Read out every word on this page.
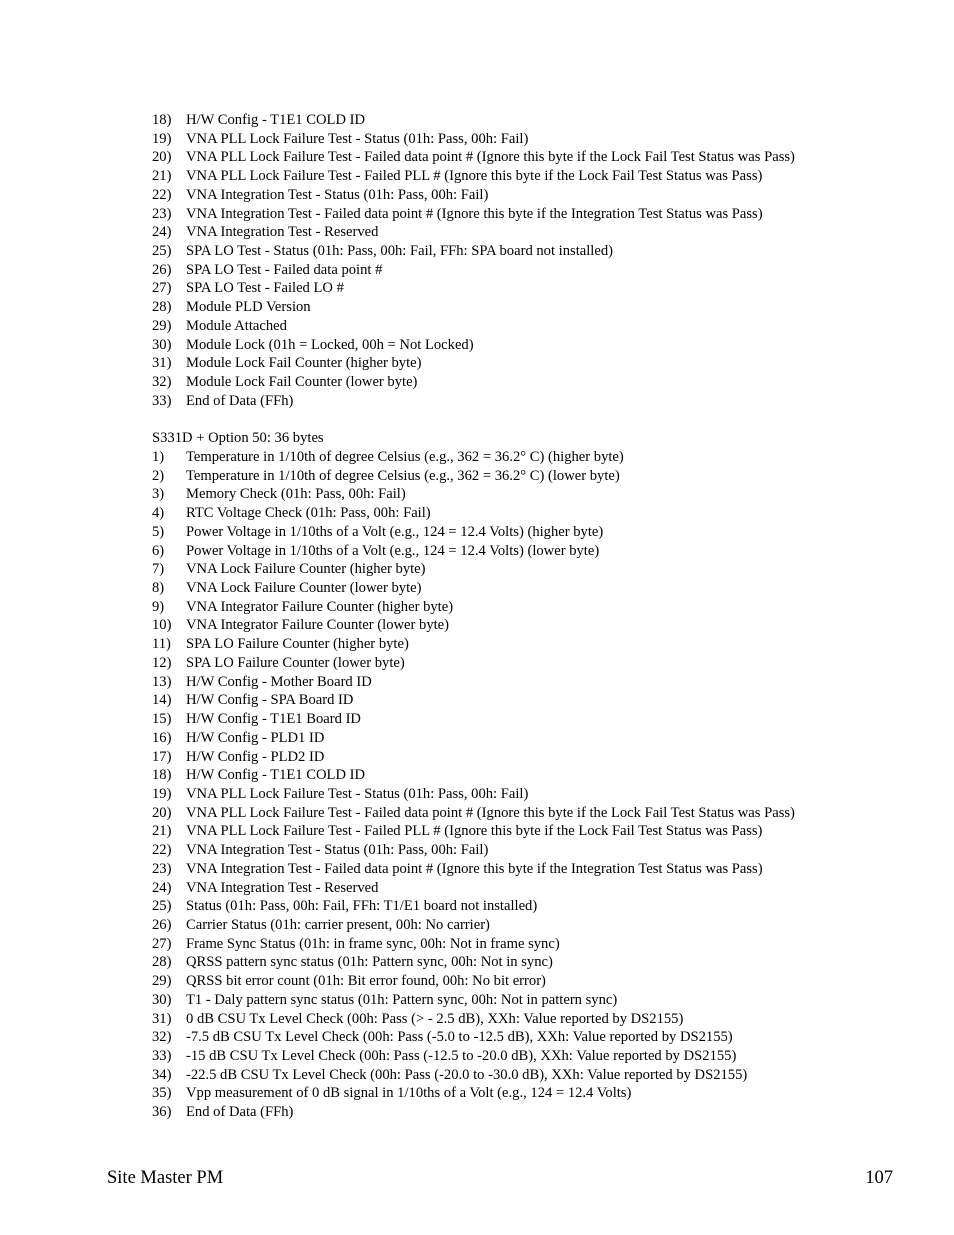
18) H/W Config - T1E1 COLD ID
19) VNA PLL Lock Failure Test - Status (01h: Pass, 00h: Fail)
20) VNA PLL Lock Failure Test - Failed data point # (Ignore this byte if the Lock Fail Test Status was Pass)
21) VNA PLL Lock Failure Test - Failed PLL # (Ignore this byte if the Lock Fail Test Status was Pass)
22) VNA Integration Test - Status (01h: Pass, 00h: Fail)
23) VNA Integration Test - Failed data point # (Ignore this byte if the Integration Test Status was Pass)
24) VNA Integration Test - Reserved
25) SPA LO Test - Status (01h: Pass, 00h: Fail, FFh: SPA board not installed)
26) SPA LO Test - Failed data point #
27) SPA LO Test - Failed LO #
28) Module PLD Version
29) Module Attached
30) Module Lock (01h = Locked, 00h = Not Locked)
31) Module Lock Fail Counter (higher byte)
32) Module Lock Fail Counter (lower byte)
33) End of Data (FFh)
S331D + Option 50: 36 bytes
1) Temperature in 1/10th of degree Celsius (e.g., 362 = 36.2° C) (higher byte)
2) Temperature in 1/10th of degree Celsius (e.g., 362 = 36.2° C) (lower byte)
3) Memory Check (01h: Pass, 00h: Fail)
4) RTC Voltage Check (01h: Pass, 00h: Fail)
5) Power Voltage in 1/10ths of a Volt (e.g., 124 = 12.4 Volts) (higher byte)
6) Power Voltage in 1/10ths of a Volt (e.g., 124 = 12.4 Volts) (lower byte)
7) VNA Lock Failure Counter (higher byte)
8) VNA Lock Failure Counter (lower byte)
9) VNA Integrator Failure Counter (higher byte)
10) VNA Integrator Failure Counter (lower byte)
11) SPA LO Failure Counter (higher byte)
12) SPA LO Failure Counter (lower byte)
13) H/W Config - Mother Board ID
14) H/W Config - SPA Board ID
15) H/W Config - T1E1 Board ID
16) H/W Config - PLD1 ID
17) H/W Config - PLD2 ID
18) H/W Config - T1E1 COLD ID
19) VNA PLL Lock Failure Test - Status (01h: Pass, 00h: Fail)
20) VNA PLL Lock Failure Test - Failed data point # (Ignore this byte if the Lock Fail Test Status was Pass)
21) VNA PLL Lock Failure Test - Failed PLL # (Ignore this byte if the Lock Fail Test Status was Pass)
22) VNA Integration Test - Status (01h: Pass, 00h: Fail)
23) VNA Integration Test - Failed data point # (Ignore this byte if the Integration Test Status was Pass)
24) VNA Integration Test - Reserved
25) Status (01h: Pass, 00h: Fail, FFh: T1/E1 board not installed)
26) Carrier Status (01h: carrier present, 00h: No carrier)
27) Frame Sync Status (01h: in frame sync, 00h: Not in frame sync)
28) QRSS pattern sync status (01h: Pattern sync, 00h: Not in sync)
29) QRSS bit error count (01h: Bit error found, 00h: No bit error)
30) T1 - Daly pattern sync status (01h: Pattern sync, 00h: Not in pattern sync)
31) 0 dB CSU Tx Level Check (00h: Pass (> - 2.5 dB), XXh: Value reported by DS2155)
32) -7.5 dB CSU Tx Level Check (00h: Pass (-5.0 to -12.5 dB), XXh: Value reported by DS2155)
33) -15 dB CSU Tx Level Check (00h: Pass (-12.5 to -20.0 dB), XXh: Value reported by DS2155)
34) -22.5 dB CSU Tx Level Check (00h: Pass (-20.0 to -30.0 dB), XXh: Value reported by DS2155)
35) Vpp measurement of 0 dB signal in 1/10ths of a Volt (e.g., 124 = 12.4 Volts)
36) End of Data (FFh)
Site Master PM	107
